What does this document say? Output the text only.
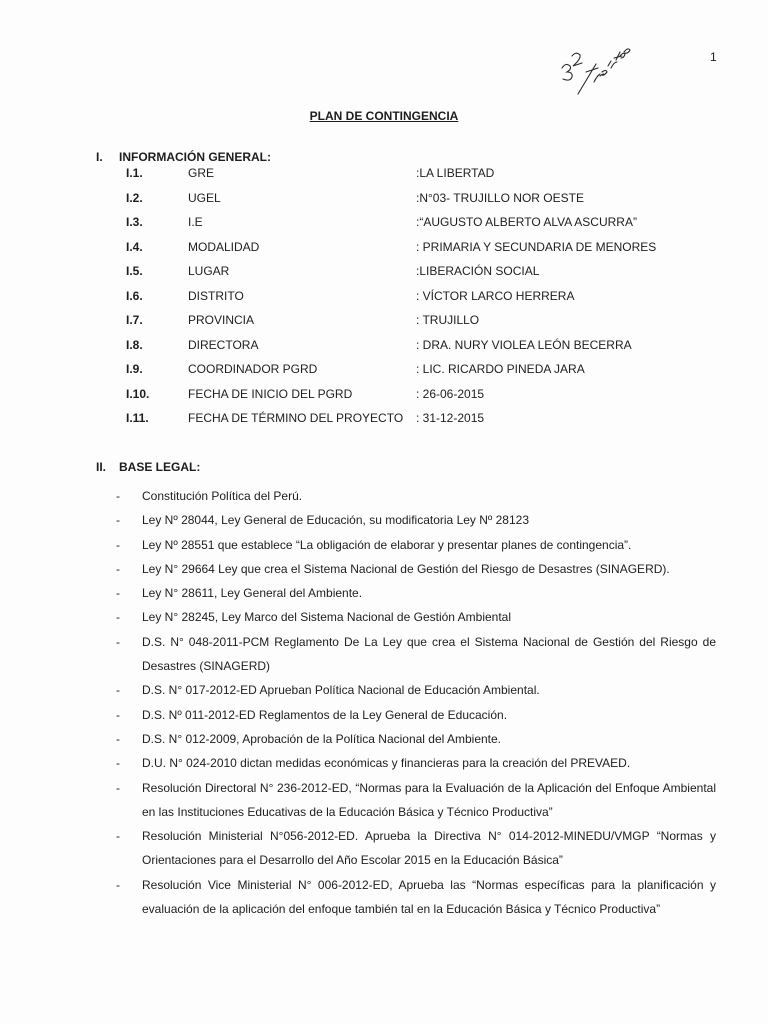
1
PLAN DE CONTINGENCIA
I. INFORMACIÓN GENERAL:
I.1.	GRE	:LA LIBERTAD
I.2.	UGEL	:N°03- TRUJILLO NOR OESTE
I.3.	I.E	:“AUGUSTO ALBERTO ALVA ASCURRA”
I.4.	MODALIDAD	: PRIMARIA Y SECUNDARIA DE MENORES
I.5.	LUGAR	:LIBERACIÓN SOCIAL
I.6.	DISTRITO	: VÍCTOR LARCO HERRERA
I.7.	PROVINCIA	: TRUJILLO
I.8.	DIRECTORA	: DRA. NURY VIOLEA LEÓN BECERRA
I.9.	COORDINADOR PGRD	: LIC. RICARDO PINEDA JARA
I.10.	FECHA DE INICIO DEL PGRD	: 26-06-2015
I.11.	FECHA DE TÉRMINO DEL PROYECTO : 31-12-2015
II. BASE LEGAL:
- Constitución Política del Perú.
- Ley Nº 28044, Ley General de Educación, su modificatoria Ley Nº 28123
- Ley Nº 28551 que establece “La obligación de elaborar y presentar planes de contingencia”.
- Ley N° 29664 Ley que crea el Sistema Nacional de Gestión del Riesgo de Desastres (SINAGERD).
- Ley N° 28611, Ley General del Ambiente.
- Ley N° 28245, Ley Marco del Sistema Nacional de Gestión Ambiental
- D.S. N° 048-2011-PCM Reglamento De La Ley que crea el Sistema Nacional de Gestión del Riesgo de Desastres (SINAGERD)
- D.S. N° 017-2012-ED Aprueban Política Nacional de Educación Ambiental.
- D.S. Nº 011-2012-ED Reglamentos de la Ley General de Educación.
- D.S. N° 012-2009, Aprobación de la Política Nacional del Ambiente.
- D.U. N° 024-2010 dictan medidas económicas y financieras para la creación del PREVAED.
- Resolución Directoral N° 236-2012-ED, “Normas para la Evaluación de la Aplicación del Enfoque Ambiental en las Instituciones Educativas de la Educación Básica y Técnico Productiva”
- Resolución Ministerial N°056-2012-ED. Aprueba la Directiva N° 014-2012-MINEDU/VMGP “Normas y Orientaciones para el Desarrollo del Año Escolar 2015 en la Educación Básica”
- Resolución Vice Ministerial N° 006-2012-ED, Aprueba las “Normas específicas para la planificación y evaluación de la aplicación del enfoque también tal en la Educación Básica y Técnico Productiva”
